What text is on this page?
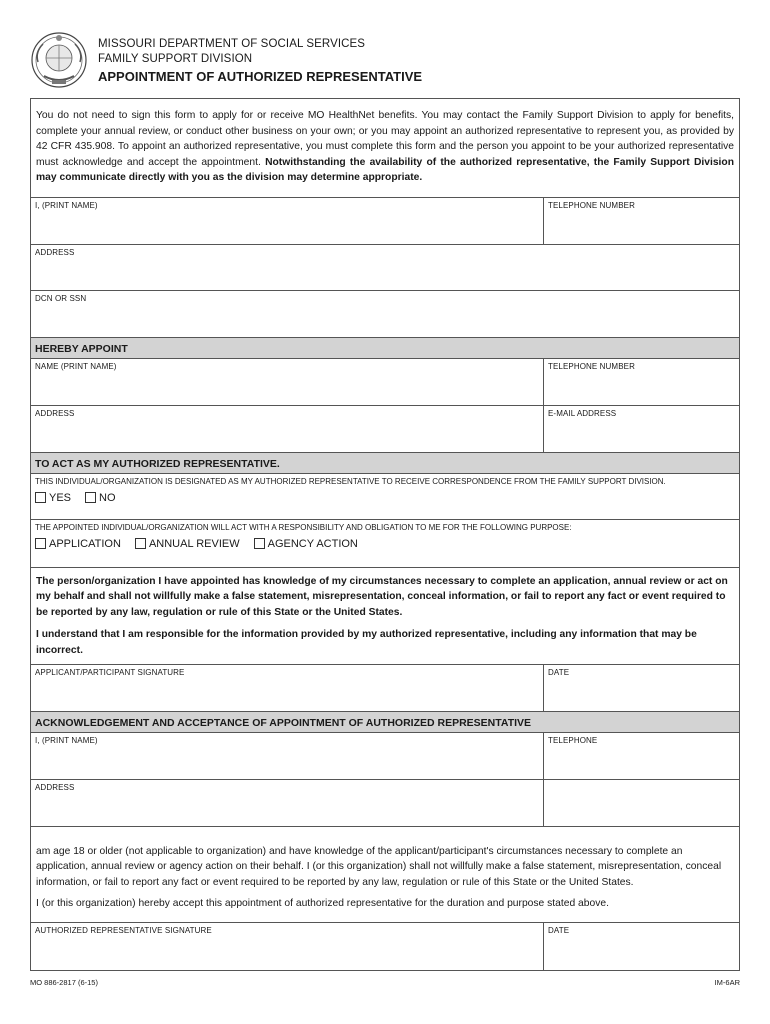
MISSOURI DEPARTMENT OF SOCIAL SERVICES
FAMILY SUPPORT DIVISION
APPOINTMENT OF AUTHORIZED REPRESENTATIVE
You do not need to sign this form to apply for or receive MO HealthNet benefits. You may contact the Family Support Division to apply for benefits, complete your annual review, or conduct other business on your own; or you may appoint an authorized representative to represent you, as provided by 42 CFR 435.908. To appoint an authorized representative, you must complete this form and the person you appoint to be your authorized representative must acknowledge and accept the appointment. Notwithstanding the availability of the authorized representative, the Family Support Division may communicate directly with you as the division may determine appropriate.
I, (PRINT NAME)	TELEPHONE NUMBER
ADDRESS
DCN OR SSN
HEREBY APPOINT
NAME (PRINT NAME)	TELEPHONE NUMBER
ADDRESS	E-MAIL ADDRESS
TO ACT AS MY AUTHORIZED REPRESENTATIVE.
THIS INDIVIDUAL/ORGANIZATION IS DESIGNATED AS MY AUTHORIZED REPRESENTATIVE TO RECEIVE CORRESPONDENCE FROM THE FAMILY SUPPORT DIVISION.
YES	NO
THE APPOINTED INDIVIDUAL/ORGANIZATION WILL ACT WITH A RESPONSIBILITY AND OBLIGATION TO ME FOR THE FOLLOWING PURPOSE:
APPLICATION	ANNUAL REVIEW	AGENCY ACTION

The person/organization I have appointed has knowledge of my circumstances necessary to complete an application, annual review or act on my behalf and shall not willfully make a false statement, misrepresentation, conceal information, or fail to report any fact or event required to be reported by any law, regulation or rule of this State or the United States.

I understand that I am responsible for the information provided by my authorized representative, including any information that may be incorrect.

APPLICANT/PARTICIPANT SIGNATURE	DATE
ACKNOWLEDGEMENT AND ACCEPTANCE OF APPOINTMENT OF AUTHORIZED REPRESENTATIVE
I, (PRINT NAME)	TELEPHONE
ADDRESS

am age 18 or older (not applicable to organization) and have knowledge of the applicant/participant's circumstances necessary to complete an application, annual review or agency action on their behalf. I (or this organization) shall not willfully make a false statement, misrepresentation, conceal information, or fail to report any fact or event required to be reported by any law, regulation or rule of this State or the United States.

I (or this organization) hereby accept this appointment of authorized representative for the duration and purpose stated above.

AUTHORIZED REPRESENTATIVE SIGNATURE	DATE
MO 886-2817 (6-15)	IM-6AR
